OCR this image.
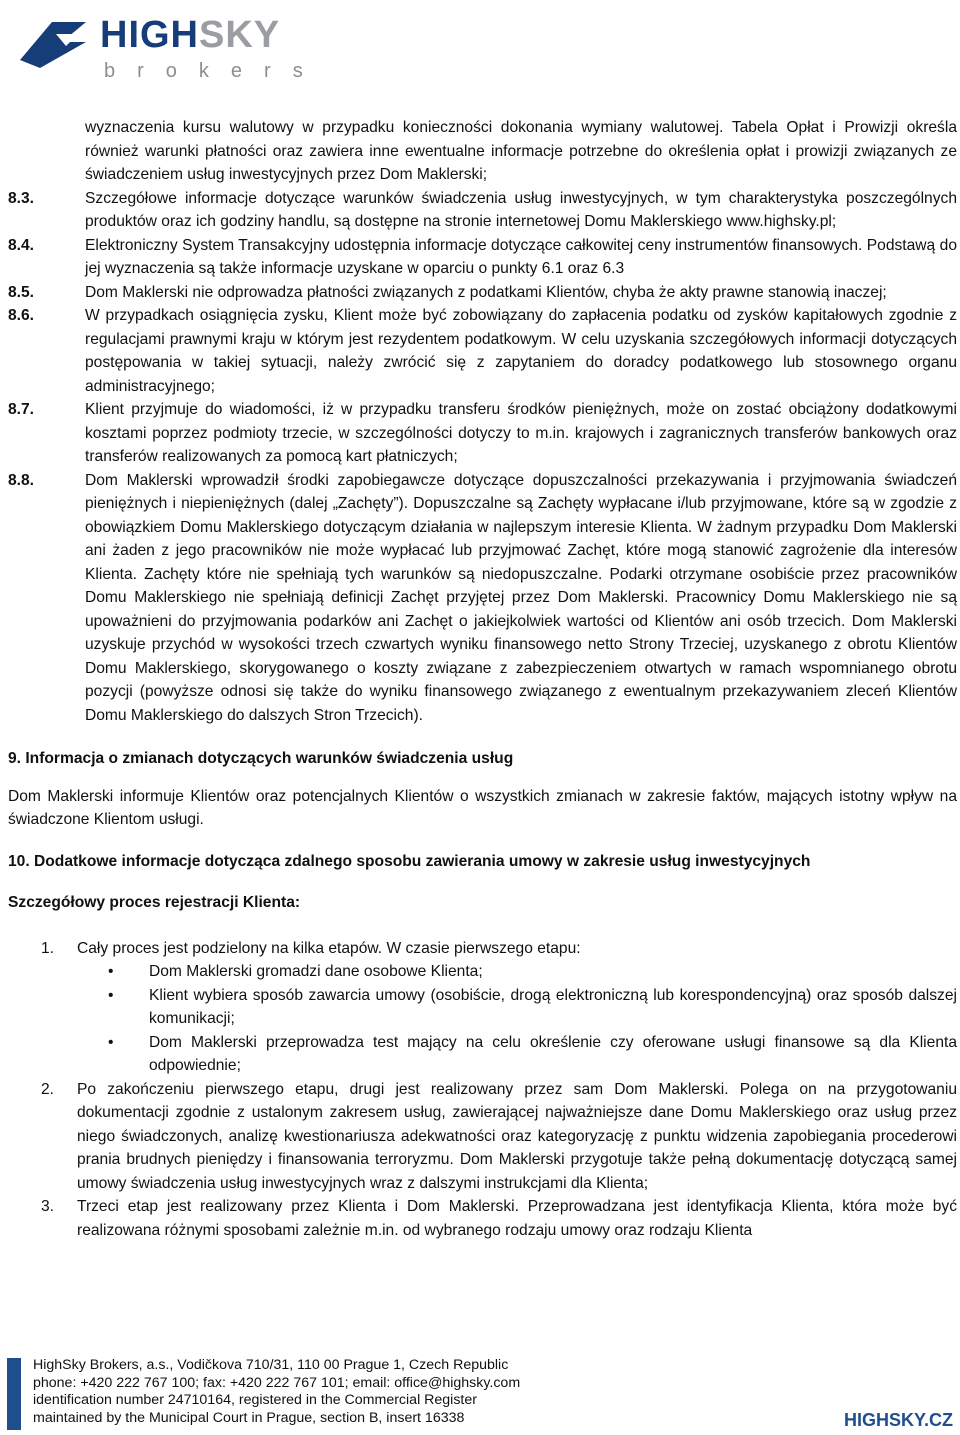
HIGHSKY
brokers
wyznaczenia kursu walutowy w przypadku konieczności dokonania wymiany walutowej. Tabela Opłat i Prowizji określa również warunki płatności oraz zawiera inne ewentualne informacje potrzebne do określenia opłat i prowizji związanych ze świadczeniem usług inwestycyjnych przez Dom Maklerski;
8.3.	Szczegółowe informacje dotyczące warunków świadczenia usług inwestycyjnych, w tym charakterystyka poszczególnych produktów oraz ich godziny handlu, są dostępne na stronie internetowej Domu Maklerskiego www.highsky.pl;
8.4.	Elektroniczny System Transakcyjny udostępnia informacje dotyczące całkowitej ceny instrumentów finansowych. Podstawą do jej wyznaczenia są także informacje uzyskane w oparciu o punkty 6.1 oraz 6.3
8.5.	Dom Maklerski nie odprowadza płatności związanych z podatkami Klientów, chyba że akty prawne stanowią inaczej;
8.6.	W przypadkach osiągnięcia zysku, Klient może być zobowiązany do zapłacenia podatku od zysków kapitałowych zgodnie z regulacjami prawnymi kraju w którym jest rezydentem podatkowym. W celu uzyskania szczegółowych informacji dotyczących postępowania w takiej sytuacji, należy zwrócić się z zapytaniem do doradcy podatkowego lub stosownego organu administracyjnego;
8.7.	Klient przyjmuje do wiadomości, iż w przypadku transferu środków pieniężnych, może on zostać obciążony dodatkowymi kosztami poprzez podmioty trzecie, w szczególności dotyczy to m.in. krajowych i zagranicznych transferów bankowych oraz transferów realizowanych za pomocą kart płatniczych;
8.8.	Dom Maklerski wprowadził środki zapobiegawcze dotyczące dopuszczalności przekazywania i przyjmowania świadczeń pieniężnych i niepieniężnych (dalej „Zachęty”). Dopuszczalne są Zachęty wypłacane i/lub przyjmowane, które są w zgodzie z obowiązkiem Domu Maklerskiego dotyczącym działania w najlepszym interesie Klienta. W żadnym przypadku Dom Maklerski ani żaden z jego pracowników nie może wypłacać lub przyjmować Zachęt, które mogą stanowić zagrożenie dla interesów Klienta. Zachęty które nie spełniają tych warunków są niedopuszczalne. Podarki otrzymane osobiście przez pracowników Domu Maklerskiego nie spełniają definicji Zachęt przyjętej przez Dom Maklerski. Pracownicy Domu Maklerskiego nie są upoważnieni do przyjmowania podarków ani Zachęt o jakiejkolwiek wartości od Klientów ani osób trzecich. Dom Maklerski uzyskuje przychód w wysokości trzech czwartych wyniku finansowego netto Strony Trzeciej, uzyskanego z obrotu Klientów Domu Maklerskiego, skorygowanego o koszty związane z zabezpieczeniem otwartych w ramach wspomnianego obrotu pozycji (powyższe odnosi się także do wyniku finansowego związanego z ewentualnym przekazywaniem zleceń Klientów Domu Maklerskiego do dalszych Stron Trzecich).
9. Informacja o zmianach dotyczących warunków świadczenia usług

Dom Maklerski informuje Klientów oraz potencjalnych Klientów o wszystkich zmianach w zakresie faktów, mających istotny wpływ na świadczone Klientom usługi.

10. Dodatkowe informacje dotycząca zdalnego sposobu zawierania umowy w zakresie usług inwestycyjnych
Szczegółowy proces rejestracji Klienta:
1.	Cały proces jest podzielony na kilka etapów. W czasie pierwszego etapu:
•	Dom Maklerski gromadzi dane osobowe Klienta;
•	Klient wybiera sposób zawarcia umowy (osobiście, drogą elektroniczną lub korespondencyjną) oraz sposób dalszej komunikacji;
•	Dom Maklerski przeprowadza test mający na celu określenie czy oferowane usługi finansowe są dla Klienta odpowiednie;
2.	Po zakończeniu pierwszego etapu, drugi jest realizowany przez sam Dom Maklerski. Polega on na przygotowaniu dokumentacji zgodnie z ustalonym zakresem usług, zawierającej najważniejsze dane Domu Maklerskiego oraz usług przez niego świadczonych, analizę kwestionariusza adekwatności oraz kategoryzację z punktu widzenia zapobiegania procederowi prania brudnych pieniędzy i finansowania terroryzmu. Dom Maklerski przygotuje także pełną dokumentację dotyczącą samej umowy świadczenia usług inwestycyjnych wraz z dalszymi instrukcjami dla Klienta;
3.	Trzeci etap jest realizowany przez Klienta i Dom Maklerski. Przeprowadzana jest identyfikacja Klienta, która może być realizowana różnymi sposobami zależnie m.in. od wybranego rodzaju umowy oraz rodzaju Klienta
HighSky Brokers, a.s., Vodičkova 710/31, 110 00 Prague 1, Czech Republic
phone: +420 222 767 100; fax: +420 222 767 101; email: office@highsky.com
identification number 24710164, registered in the Commercial Register
maintained by the Municipal Court in Prague, section B, insert 16338	HIGHSKY.CZ
